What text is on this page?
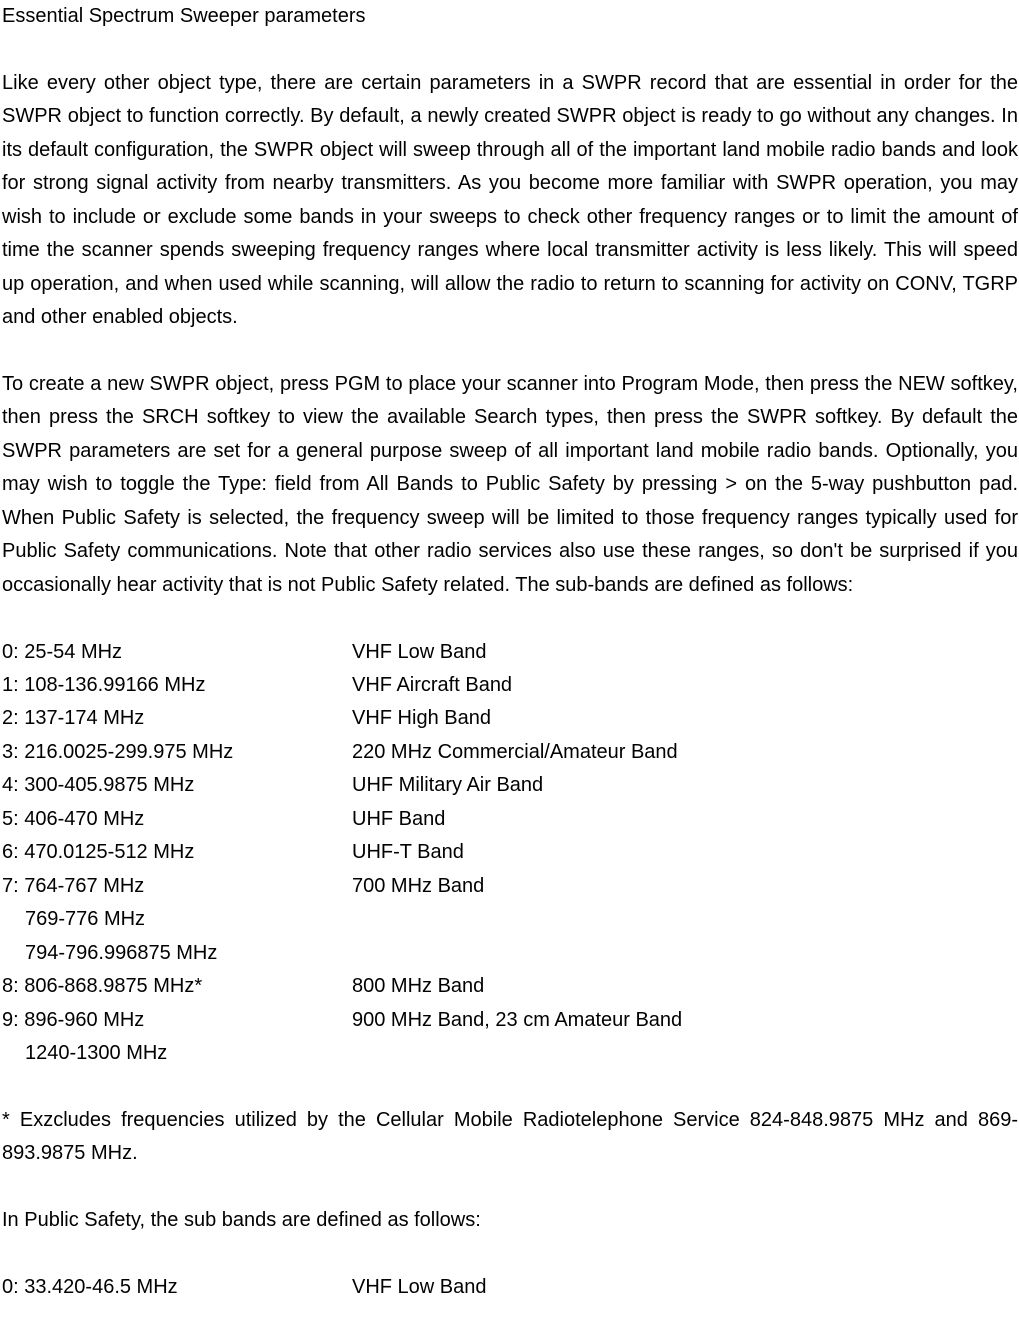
Essential Spectrum Sweeper parameters

Like every other object type, there are certain parameters in a SWPR record that are essential in order for the SWPR object to function correctly. By default, a newly created SWPR object is ready to go without any changes. In its default configuration, the SWPR object will sweep through all of the important land mobile radio bands and look for strong signal activity from nearby transmitters. As you become more familiar with SWPR operation, you may wish to include or exclude some bands in your sweeps to check other frequency ranges or to limit the amount of time the scanner spends sweeping frequency ranges where local transmitter activity is less likely. This will speed up operation, and when used while scanning, will allow the radio to return to scanning for activity on CONV, TGRP and other enabled objects.

To create a new SWPR object, press PGM to place your scanner into Program Mode, then press the NEW softkey, then press the SRCH softkey to view the available Search types, then press the SWPR softkey. By default the SWPR parameters are set for a general purpose sweep of all important land mobile radio bands. Optionally, you may wish to toggle the Type: field from All Bands to Public Safety by pressing > on the 5-way pushbutton pad. When Public Safety is selected, the frequency sweep will be limited to those frequency ranges typically used for Public Safety communications. Note that other radio services also use these ranges, so don't be surprised if you occasionally hear activity that is not Public Safety related. The sub-bands are defined as follows:

0: 25-54 MHz	VHF Low Band
1: 108-136.99166 MHz	VHF Aircraft Band
2: 137-174 MHz	VHF High Band
3: 216.0025-299.975 MHz	220 MHz Commercial/Amateur Band
4: 300-405.9875 MHz	UHF Military Air Band
5: 406-470 MHz	UHF Band
6: 470.0125-512 MHz	UHF-T Band
7: 764-767 MHz	700 MHz Band
769-776 MHz
794-796.996875 MHz
8: 806-868.9875 MHz*	800 MHz Band
9: 896-960 MHz	900 MHz Band, 23 cm Amateur Band
1240-1300 MHz

* Exzcludes frequencies utilized by the Cellular Mobile Radiotelephone Service 824-848.9875 MHz and 869-893.9875 MHz.

In Public Safety, the sub bands are defined as follows:

0: 33.420-46.5 MHz	VHF Low Band
